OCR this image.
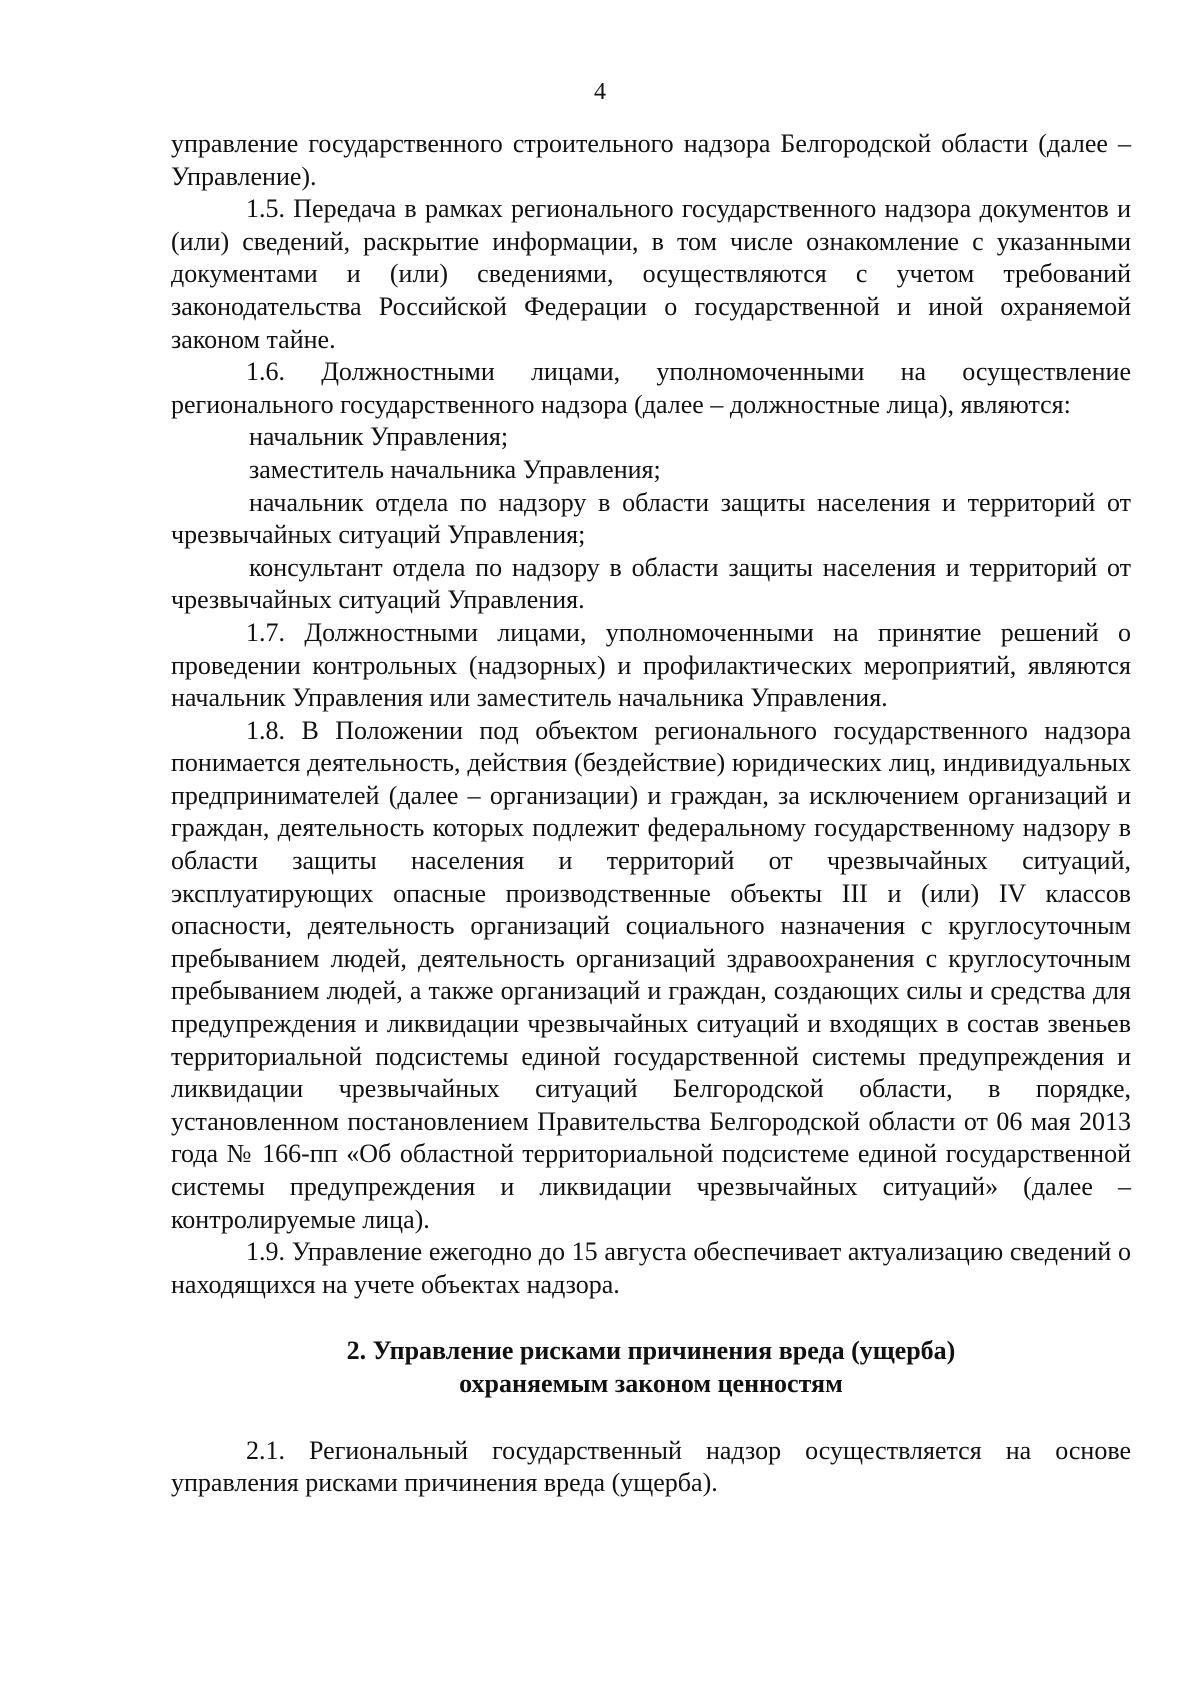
4

управление государственного строительного надзора Белгородской области (далее – Управление).

1.5. Передача в рамках регионального государственного надзора документов и (или) сведений, раскрытие информации, в том числе ознакомление с указанными документами и (или) сведениями, осуществляются с учетом требований законодательства Российской Федерации о государственной и иной охраняемой законом тайне.

1.6. Должностными лицами, уполномоченными на осуществление регионального государственного надзора (далее – должностные лица), являются:

начальник Управления;

заместитель начальника Управления;

начальник отдела по надзору в области защиты населения и территорий от чрезвычайных ситуаций Управления;

консультант отдела по надзору в области защиты населения и территорий от чрезвычайных ситуаций Управления.

1.7. Должностными лицами, уполномоченными на принятие решений о проведении контрольных (надзорных) и профилактических мероприятий, являются начальник Управления или заместитель начальника Управления.

1.8. В Положении под объектом регионального государственного надзора понимается деятельность, действия (бездействие) юридических лиц, индивидуальных предпринимателей (далее – организации) и граждан, за исключением организаций и граждан, деятельность которых подлежит федеральному государственному надзору в области защиты населения и территорий от чрезвычайных ситуаций, эксплуатирующих опасные производственные объекты III и (или) IV классов опасности, деятельность организаций социального назначения с круглосуточным пребыванием людей, деятельность организаций здравоохранения с круглосуточным пребыванием людей, а также организаций и граждан, создающих силы и средства для предупреждения и ликвидации чрезвычайных ситуаций и входящих в состав звеньев территориальной подсистемы единой государственной системы предупреждения и ликвидации чрезвычайных ситуаций Белгородской области, в порядке, установленном постановлением Правительства Белгородской области от 06 мая 2013 года № 166-пп «Об областной территориальной подсистеме единой государственной системы предупреждения и ликвидации чрезвычайных ситуаций» (далее – контролируемые лица).

1.9. Управление ежегодно до 15 августа обеспечивает актуализацию сведений о находящихся на учете объектах надзора.

2. Управление рисками причинения вреда (ущерба)
охраняемым законом ценностям

2.1. Региональный государственный надзор осуществляется на основе управления рисками причинения вреда (ущерба).
